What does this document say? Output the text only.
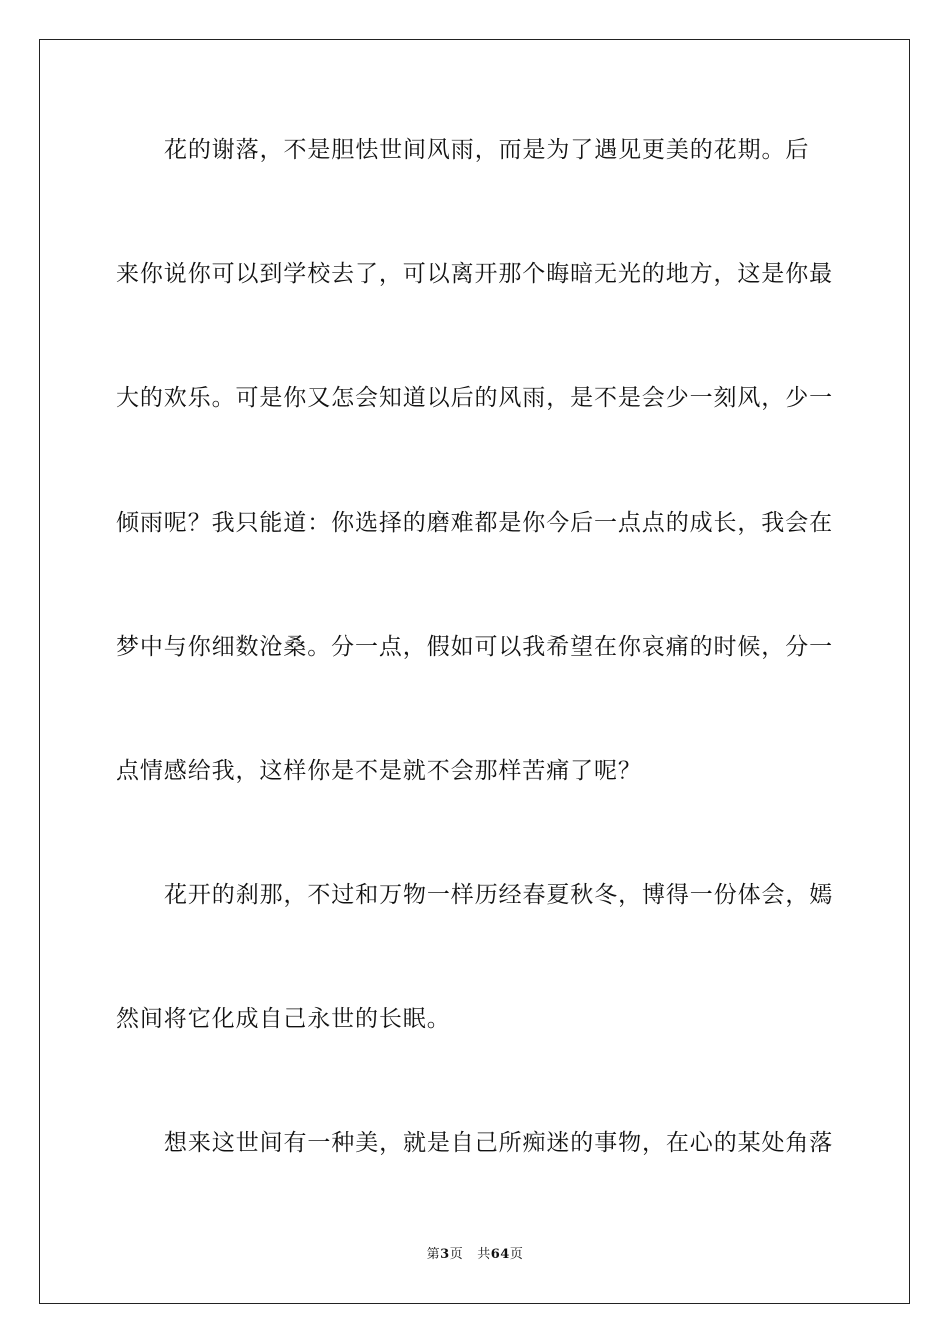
花的谢落，不是胆怯世间风雨，而是为了遇见更美的花期。后
来你说你可以到学校去了，可以离开那个晦暗无光的地方，这是你最
大的欢乐。可是你又怎会知道以后的风雨，是不是会少一刻风，少一
倾雨呢？我只能道：你选择的磨难都是你今后一点点的成长，我会在
梦中与你细数沧桑。分一点，假如可以我希望在你哀痛的时候，分一
点情感给我，这样你是不是就不会那样苦痛了呢？
花开的刹那，不过和万物一样历经春夏秋冬，博得一份体会，嫣
然间将它化成自己永世的长眠。
想来这世间有一种美，就是自己所痴迷的事物，在心的某处角落
第3页 共64页
